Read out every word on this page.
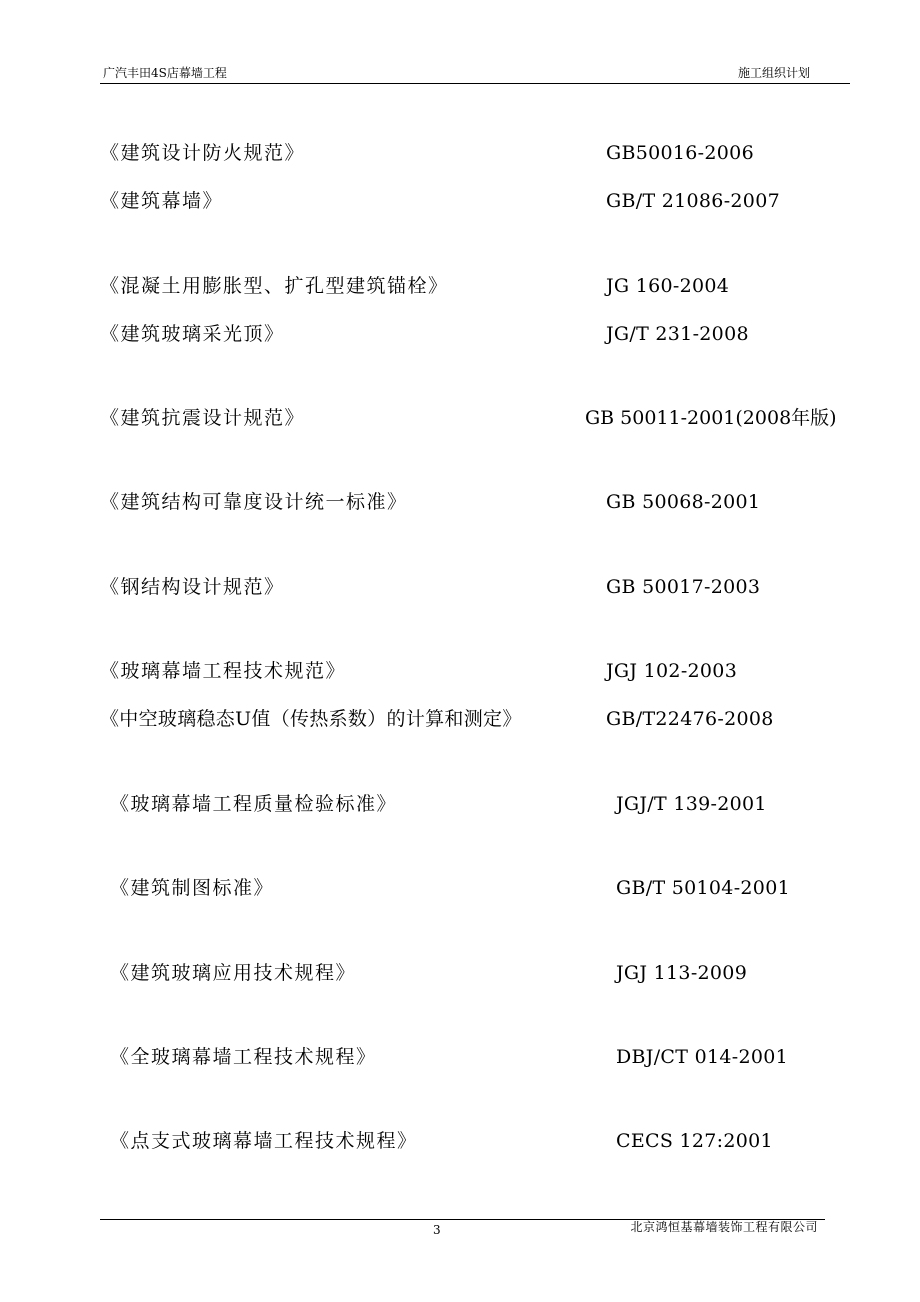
广汽丰田4S店幕墙工程	施工组织计划
《建筑设计防火规范》	GB50016-2006
《建筑幕墙》	GB/T 21086-2007
《混凝土用膨胀型、扩孔型建筑锚栓》	JG 160-2004
《建筑玻璃采光顶》	JG/T 231-2008
《建筑抗震设计规范》	GB 50011-2001(2008年版)
《建筑结构可靠度设计统一标准》	GB 50068-2001
《钢结构设计规范》	GB 50017-2003
《玻璃幕墙工程技术规范》	JGJ 102-2003
《中空玻璃稳态U值（传热系数）的计算和测定》	GB/T22476-2008
《玻璃幕墙工程质量检验标准》	JGJ/T 139-2001
《建筑制图标准》	GB/T 50104-2001
《建筑玻璃应用技术规程》	JGJ 113-2009
《全玻璃幕墙工程技术规程》	DBJ/CT 014-2001
《点支式玻璃幕墙工程技术规程》	CECS 127:2001
3	北京鸿恒基幕墙装饰工程有限公司
